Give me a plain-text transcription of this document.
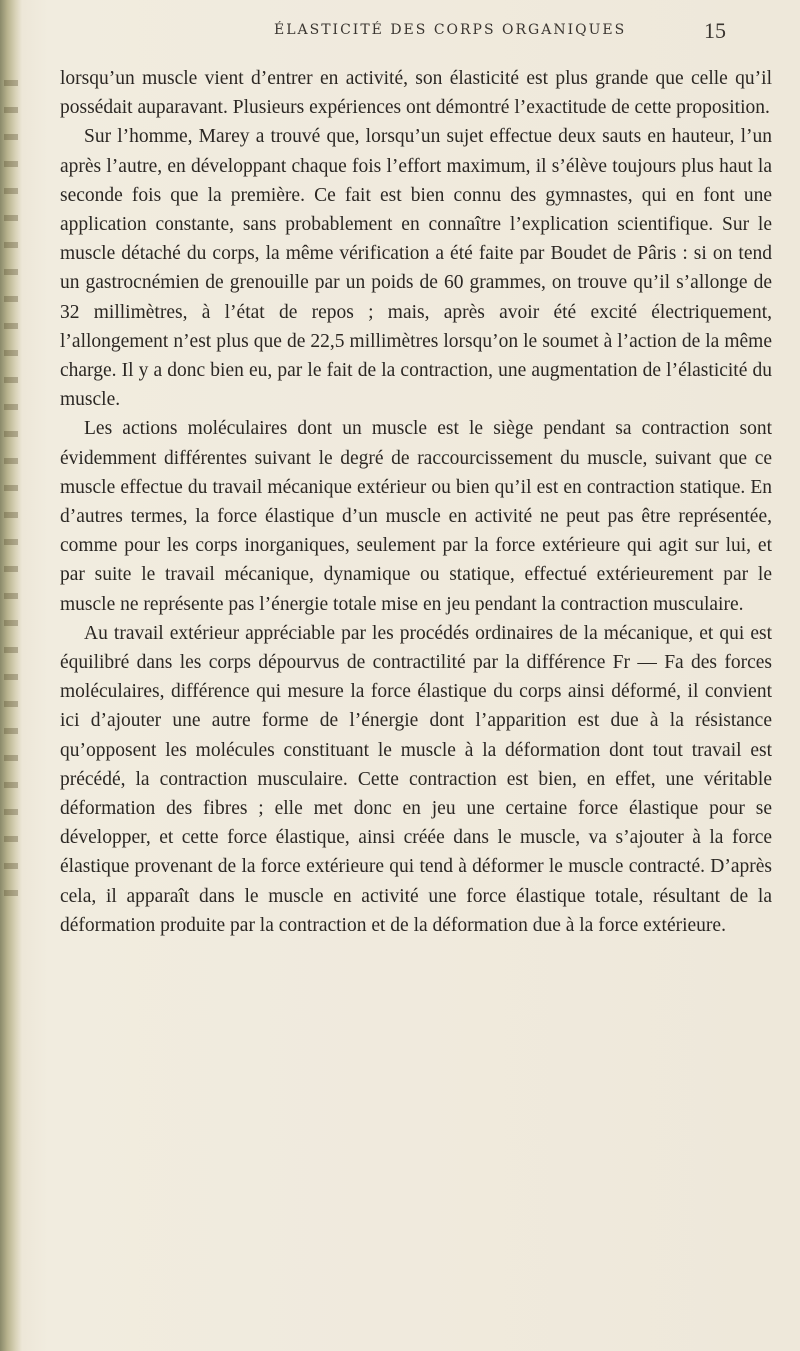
ÉLASTICITÉ DES CORPS ORGANIQUES	15

lorsqu’un muscle vient d’entrer en activité, son élasticité est plus grande que celle qu’il possédait auparavant. Plusieurs expériences ont démontré l’exactitude de cette proposition.

Sur l’homme, Marey a trouvé que, lorsqu’un sujet effectue deux sauts en hauteur, l’un après l’autre, en développant chaque fois l’effort maximum, il s’élève toujours plus haut la seconde fois que la première. Ce fait est bien connu des gymnastes, qui en font une application constante, sans probablement en connaître l’explication scientifique. Sur le muscle détaché du corps, la même vérification a été faite par Boudet de Pâris : si on tend un gastrocnémien de grenouille par un poids de 60 grammes, on trouve qu’il s’allonge de 32 millimètres, à l’état de repos ; mais, après avoir été excité électriquement, l’allongement n’est plus que de 22,5 millimètres lorsqu’on le soumet à l’action de la même charge. Il y a donc bien eu, par le fait de la contraction, une augmentation de l’élasticité du muscle.

Les actions moléculaires dont un muscle est le siège pendant sa contraction sont évidemment différentes suivant le degré de raccourcissement du muscle, suivant que ce muscle effectue du travail mécanique extérieur ou bien qu’il est en contraction statique. En d’autres termes, la force élastique d’un muscle en activité ne peut pas être représentée, comme pour les corps inorganiques, seulement par la force extérieure qui agit sur lui, et par suite le travail mécanique, dynamique ou statique, effectué extérieurement par le muscle ne représente pas l’énergie totale mise en jeu pendant la contraction musculaire.

Au travail extérieur appréciable par les procédés ordinaires de la mécanique, et qui est équilibré dans les corps dépourvus de contractilité par la différence Fr — Fa des forces moléculaires, différence qui mesure la force élastique du corps ainsi déformé, il convient ici d’ajouter une autre forme de l’énergie dont l’apparition est due à la résistance qu’opposent les molécules constituant le muscle à la déformation dont tout travail est précédé, la contraction musculaire. Cette contraction est bien, en effet, une véritable déformation des fibres ; elle met donc en jeu une certaine force élastique pour se développer, et cette force élastique, ainsi créée dans le muscle, va s’ajouter à la force élastique provenant de la force extérieure qui tend à déformer le muscle contracté. D’après cela, il apparaît dans le muscle en activité une force élastique totale, résultant de la déformation produite par la contraction et de la déformation due à la force extérieure.
